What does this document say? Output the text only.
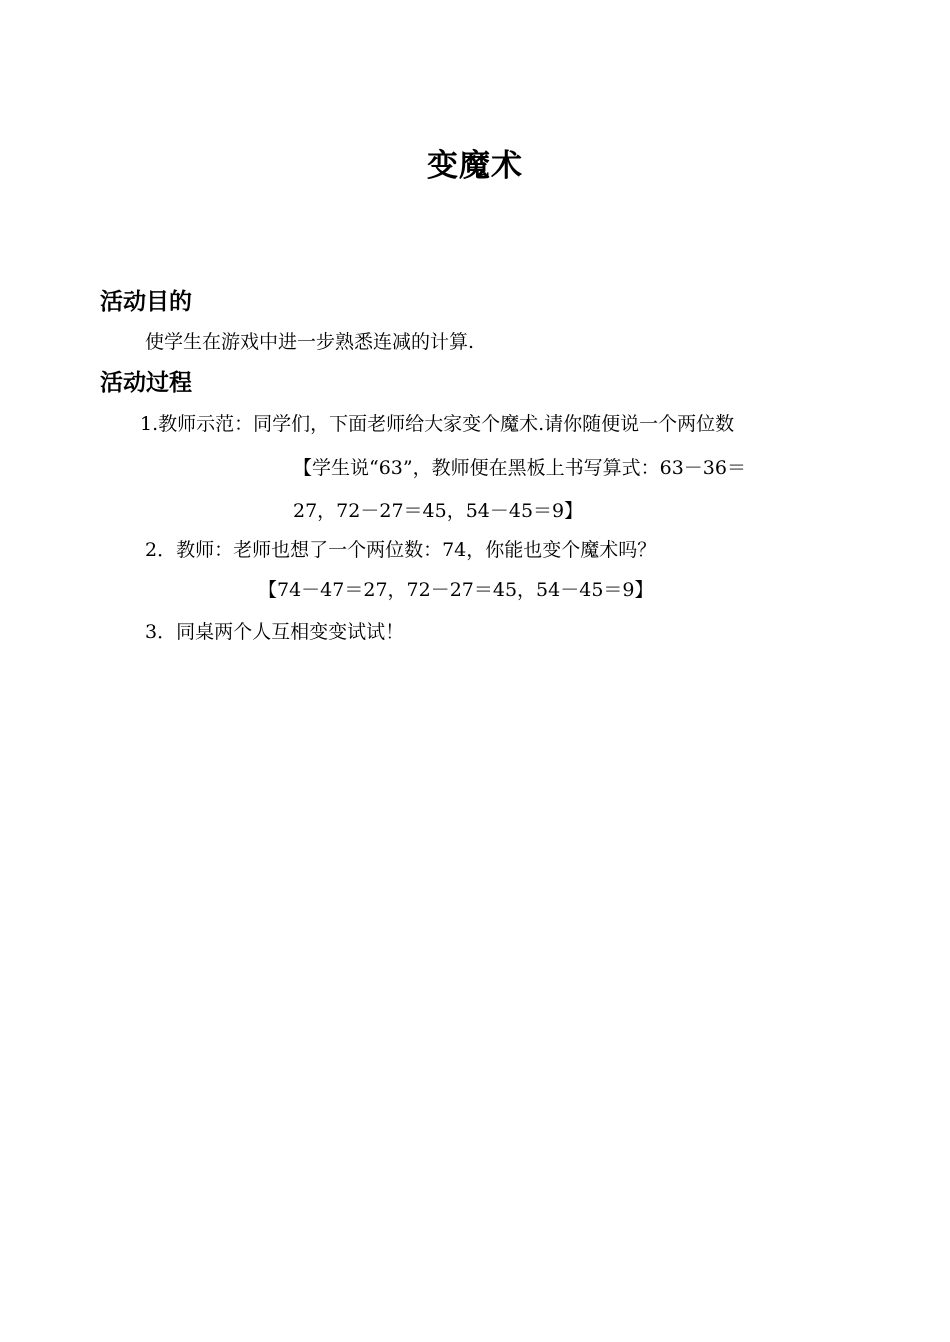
变魔术
活动目的
使学生在游戏中进一步熟悉连减的计算.
活动过程
1.教师示范：同学们，下面老师给大家变个魔术.请你随便说一个两位数
【学生说“63”，教师便在黑板上书写算式：63－36＝
27，72－27＝45，54－45＝9】
2．教师：老师也想了一个两位数：74，你能也变个魔术吗？
【74－47＝27，72－27＝45，54－45＝9】
3．同桌两个人互相变变试试！
